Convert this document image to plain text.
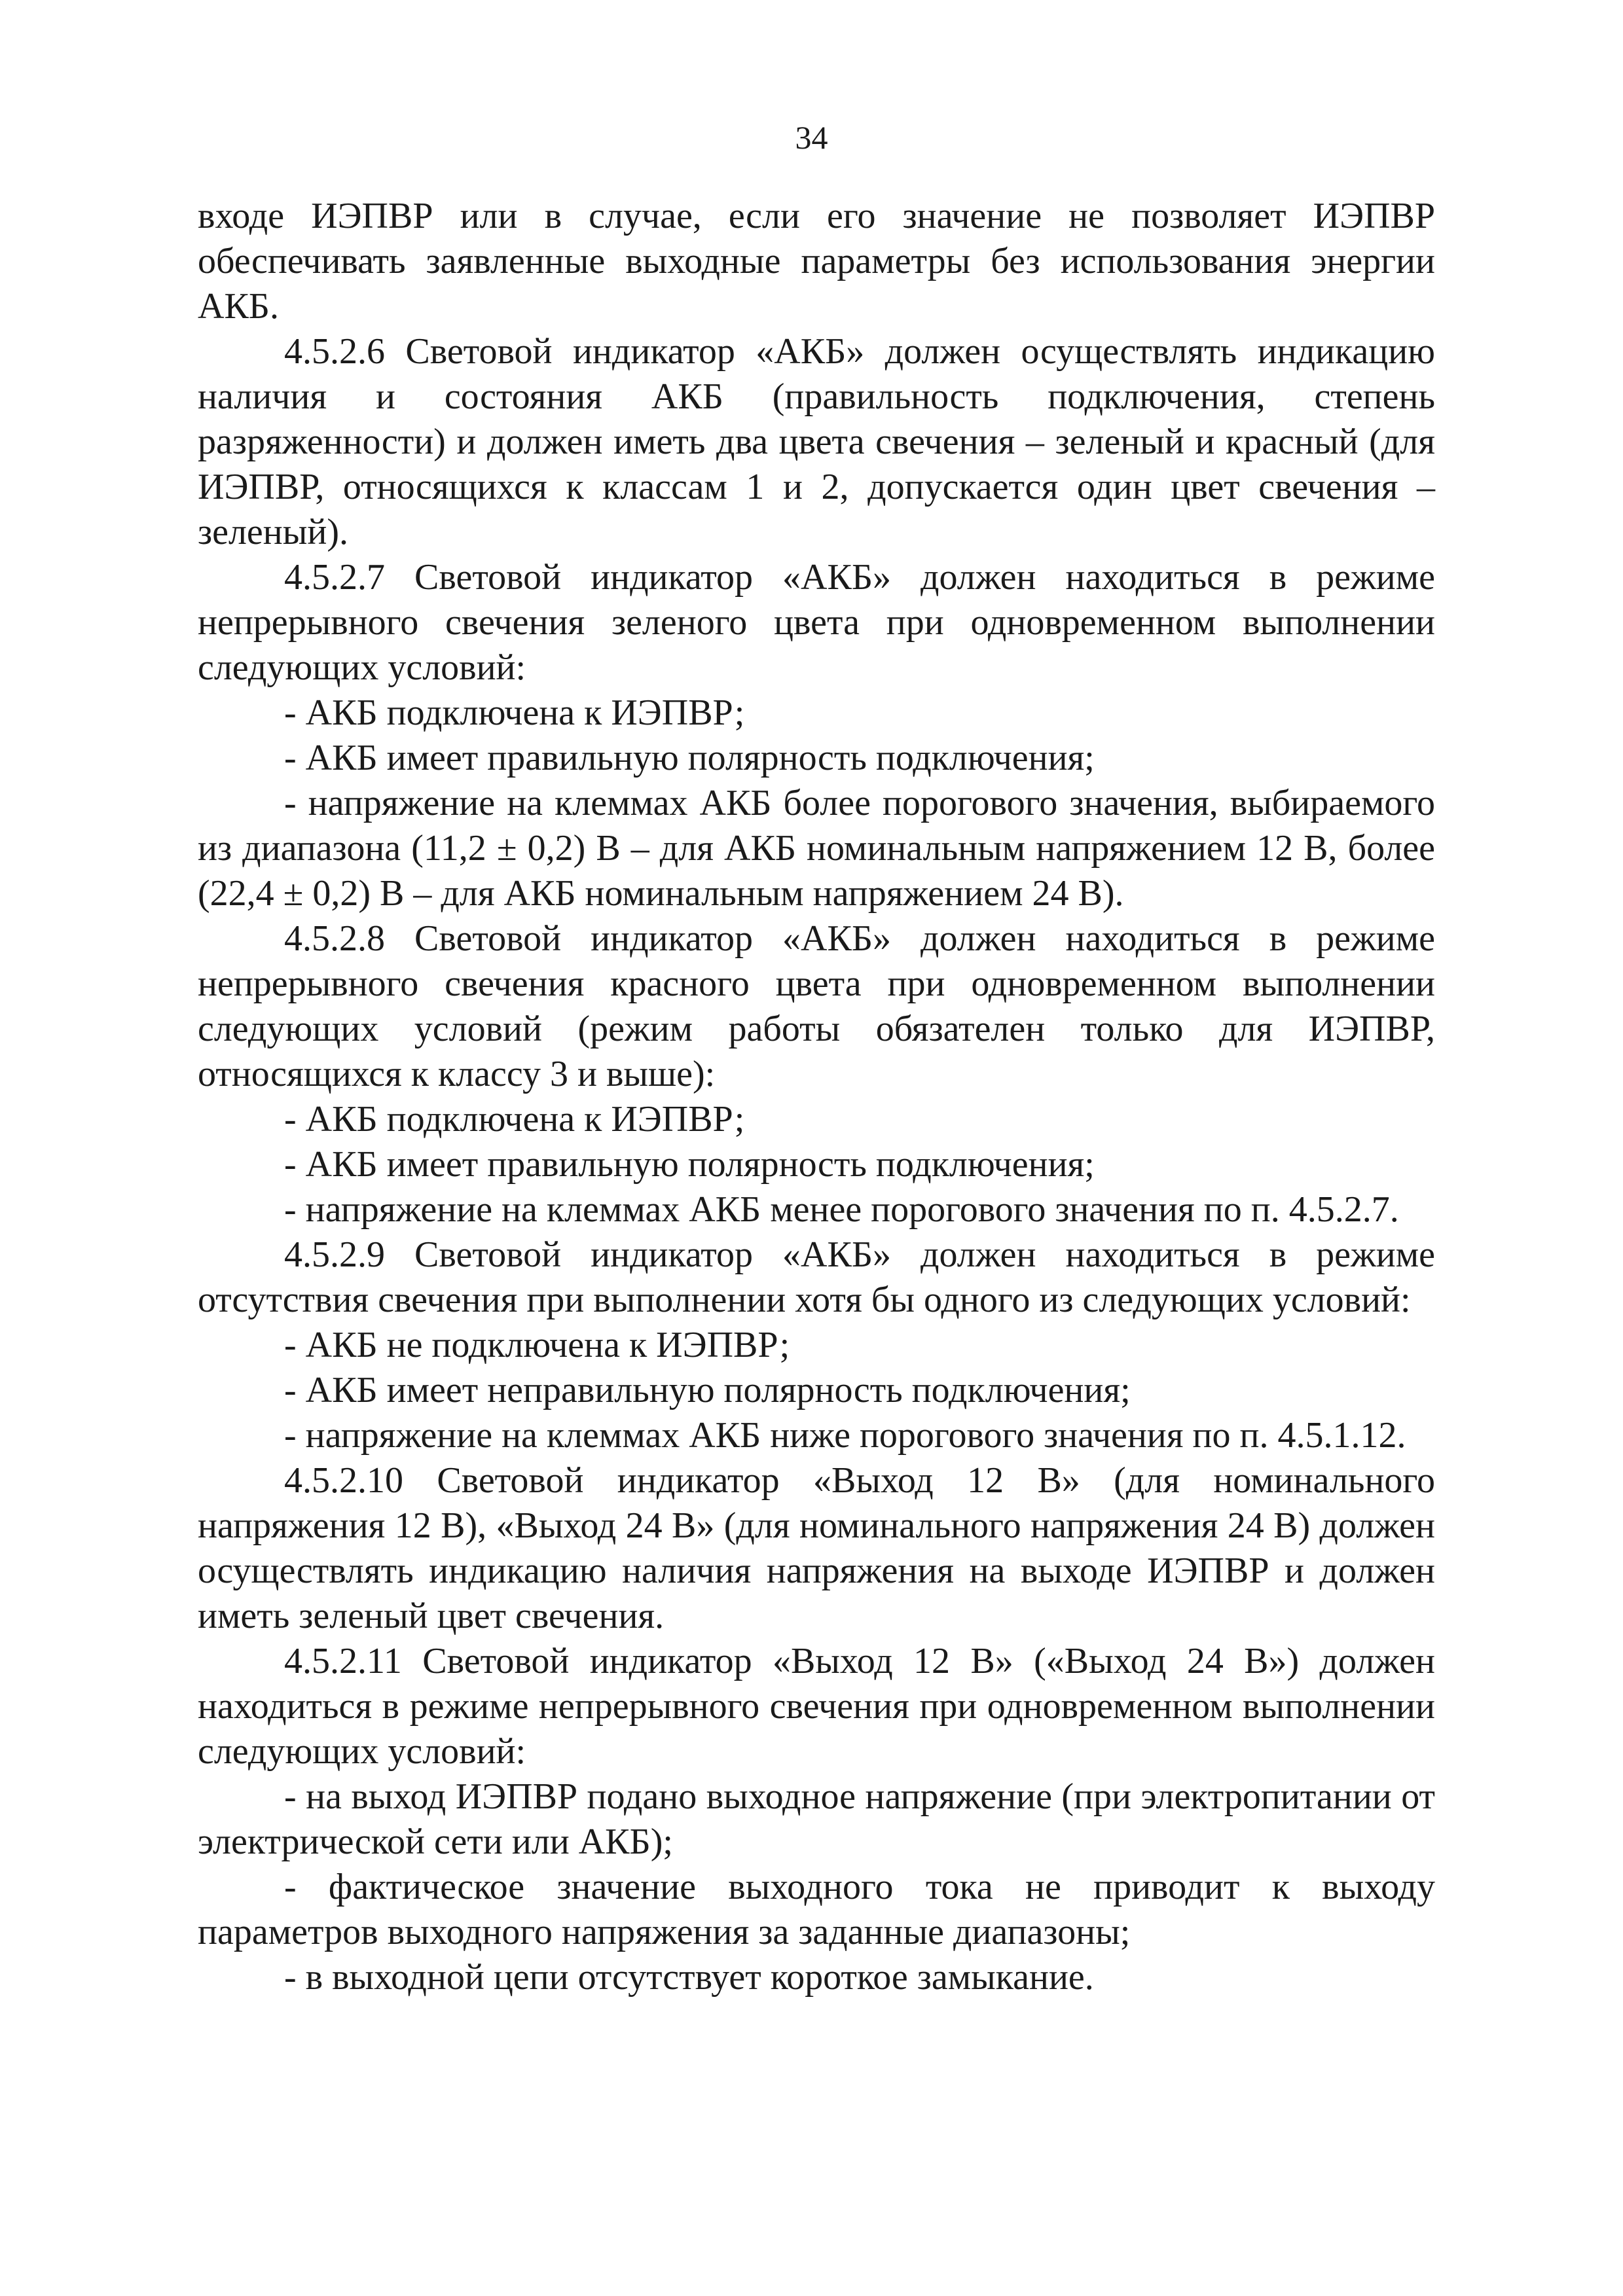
34

входе ИЭПВР или в случае, если его значение не позволяет ИЭПВР обеспечивать заявленные выходные параметры без использования энергии АКБ.

4.5.2.6 Световой индикатор «АКБ» должен осуществлять индикацию наличия и состояния АКБ (правильность подключения, степень разряженности) и должен иметь два цвета свечения – зеленый и красный (для ИЭПВР, относящихся к классам 1 и 2, допускается один цвет свечения – зеленый).

4.5.2.7 Световой индикатор «АКБ» должен находиться в режиме непрерывного свечения зеленого цвета при одновременном выполнении следующих условий:

- АКБ подключена к ИЭПВР;

- АКБ имеет правильную полярность подключения;

- напряжение на клеммах АКБ более порогового значения, выбираемого из диапазона (11,2 ± 0,2) В – для АКБ номинальным напряжением 12 В, более (22,4 ± 0,2) В – для АКБ номинальным напряжением 24 В).

4.5.2.8 Световой индикатор «АКБ» должен находиться в режиме непрерывного свечения красного цвета при одновременном выполнении следующих условий (режим работы обязателен только для ИЭПВР, относящихся к классу 3 и выше):

- АКБ подключена к ИЭПВР;

- АКБ имеет правильную полярность подключения;

- напряжение на клеммах АКБ менее порогового значения по п. 4.5.2.7.

4.5.2.9 Световой индикатор «АКБ» должен находиться в режиме отсутствия свечения при выполнении хотя бы одного из следующих условий:

- АКБ не подключена к ИЭПВР;

- АКБ имеет неправильную полярность подключения;

- напряжение на клеммах АКБ ниже порогового значения по п. 4.5.1.12.

4.5.2.10 Световой индикатор «Выход 12 В» (для номинального напряжения 12 В), «Выход 24 В» (для номинального напряжения 24 В) должен осуществлять индикацию наличия напряжения на выходе ИЭПВР и должен иметь зеленый цвет свечения.

4.5.2.11 Световой индикатор «Выход 12 В» («Выход 24 В») должен находиться в режиме непрерывного свечения при одновременном выполнении следующих условий:

- на выход ИЭПВР подано выходное напряжение (при электропитании от электрической сети или АКБ);

- фактическое значение выходного тока не приводит к выходу параметров выходного напряжения за заданные диапазоны;

- в выходной цепи отсутствует короткое замыкание.
